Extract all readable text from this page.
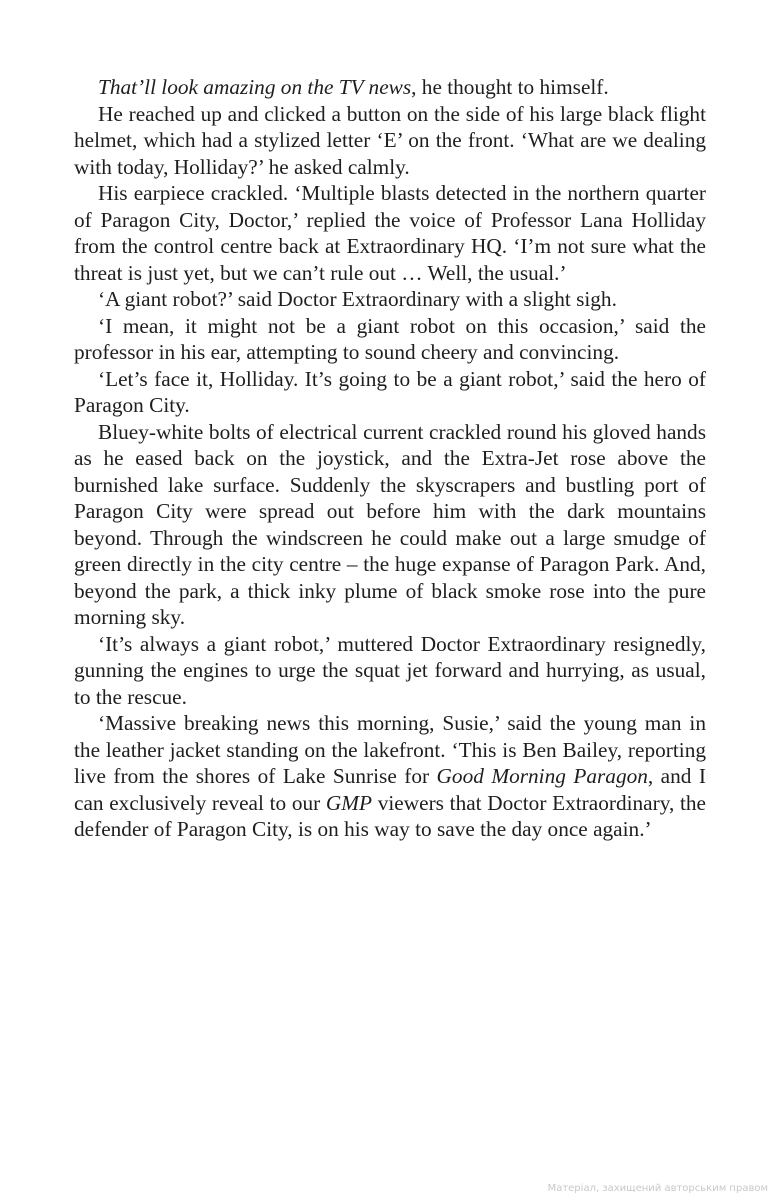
That’ll look amazing on the TV news, he thought to himself.

He reached up and clicked a button on the side of his large black flight helmet, which had a stylized letter ‘E’ on the front. ‘What are we dealing with today, Holliday?’ he asked calmly.

His earpiece crackled. ‘Multiple blasts detected in the northern quarter of Paragon City, Doctor,’ replied the voice of Professor Lana Holliday from the control centre back at Extraordinary HQ. ‘I’m not sure what the threat is just yet, but we can’t rule out … Well, the usual.’

‘A giant robot?’ said Doctor Extraordinary with a slight sigh.

‘I mean, it might not be a giant robot on this occasion,’ said the professor in his ear, attempting to sound cheery and convincing.

‘Let’s face it, Holliday. It’s going to be a giant robot,’ said the hero of Paragon City.

Bluey-white bolts of electrical current crackled round his gloved hands as he eased back on the joystick, and the Extra-Jet rose above the burnished lake surface. Suddenly the skyscrapers and bustling port of Paragon City were spread out before him with the dark mountains beyond. Through the windscreen he could make out a large smudge of green directly in the city centre – the huge expanse of Paragon Park. And, beyond the park, a thick inky plume of black smoke rose into the pure morning sky.

‘It’s always a giant robot,’ muttered Doctor Extraordinary resignedly, gunning the engines to urge the squat jet forward and hurrying, as usual, to the rescue.

‘Massive breaking news this morning, Susie,’ said the young man in the leather jacket standing on the lakefront. ‘This is Ben Bailey, reporting live from the shores of Lake Sunrise for Good Morning Paragon, and I can exclusively reveal to our GMP viewers that Doctor Extraordinary, the defender of Paragon City, is on his way to save the day once again.’

Матеріал, захищений авторським правом
